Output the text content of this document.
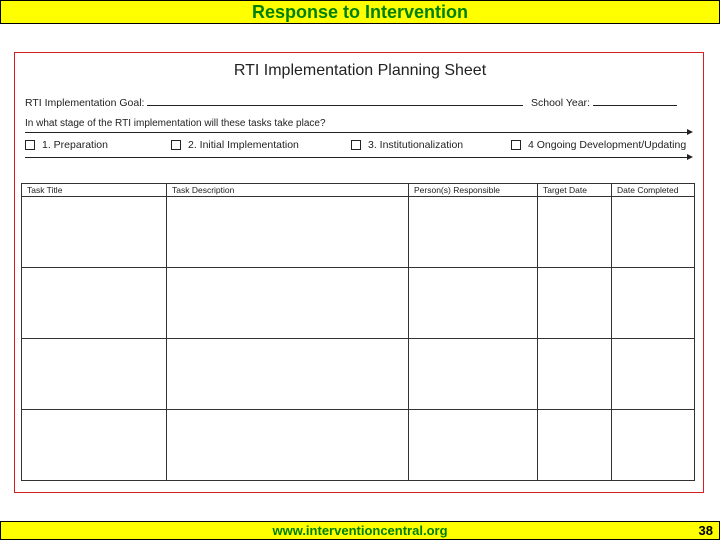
Response to Intervention
RTI Implementation Planning Sheet
RTI Implementation Goal:	School Year:
In what stage of the RTI implementation will these tasks take place?
1. Preparation	2. Initial Implementation	3. Institutionalization	4 Ongoing Development/Updating
Task Title	Task Description	Person(s) Responsible	Target Date	Date Completed

www.interventioncentral.org	38
